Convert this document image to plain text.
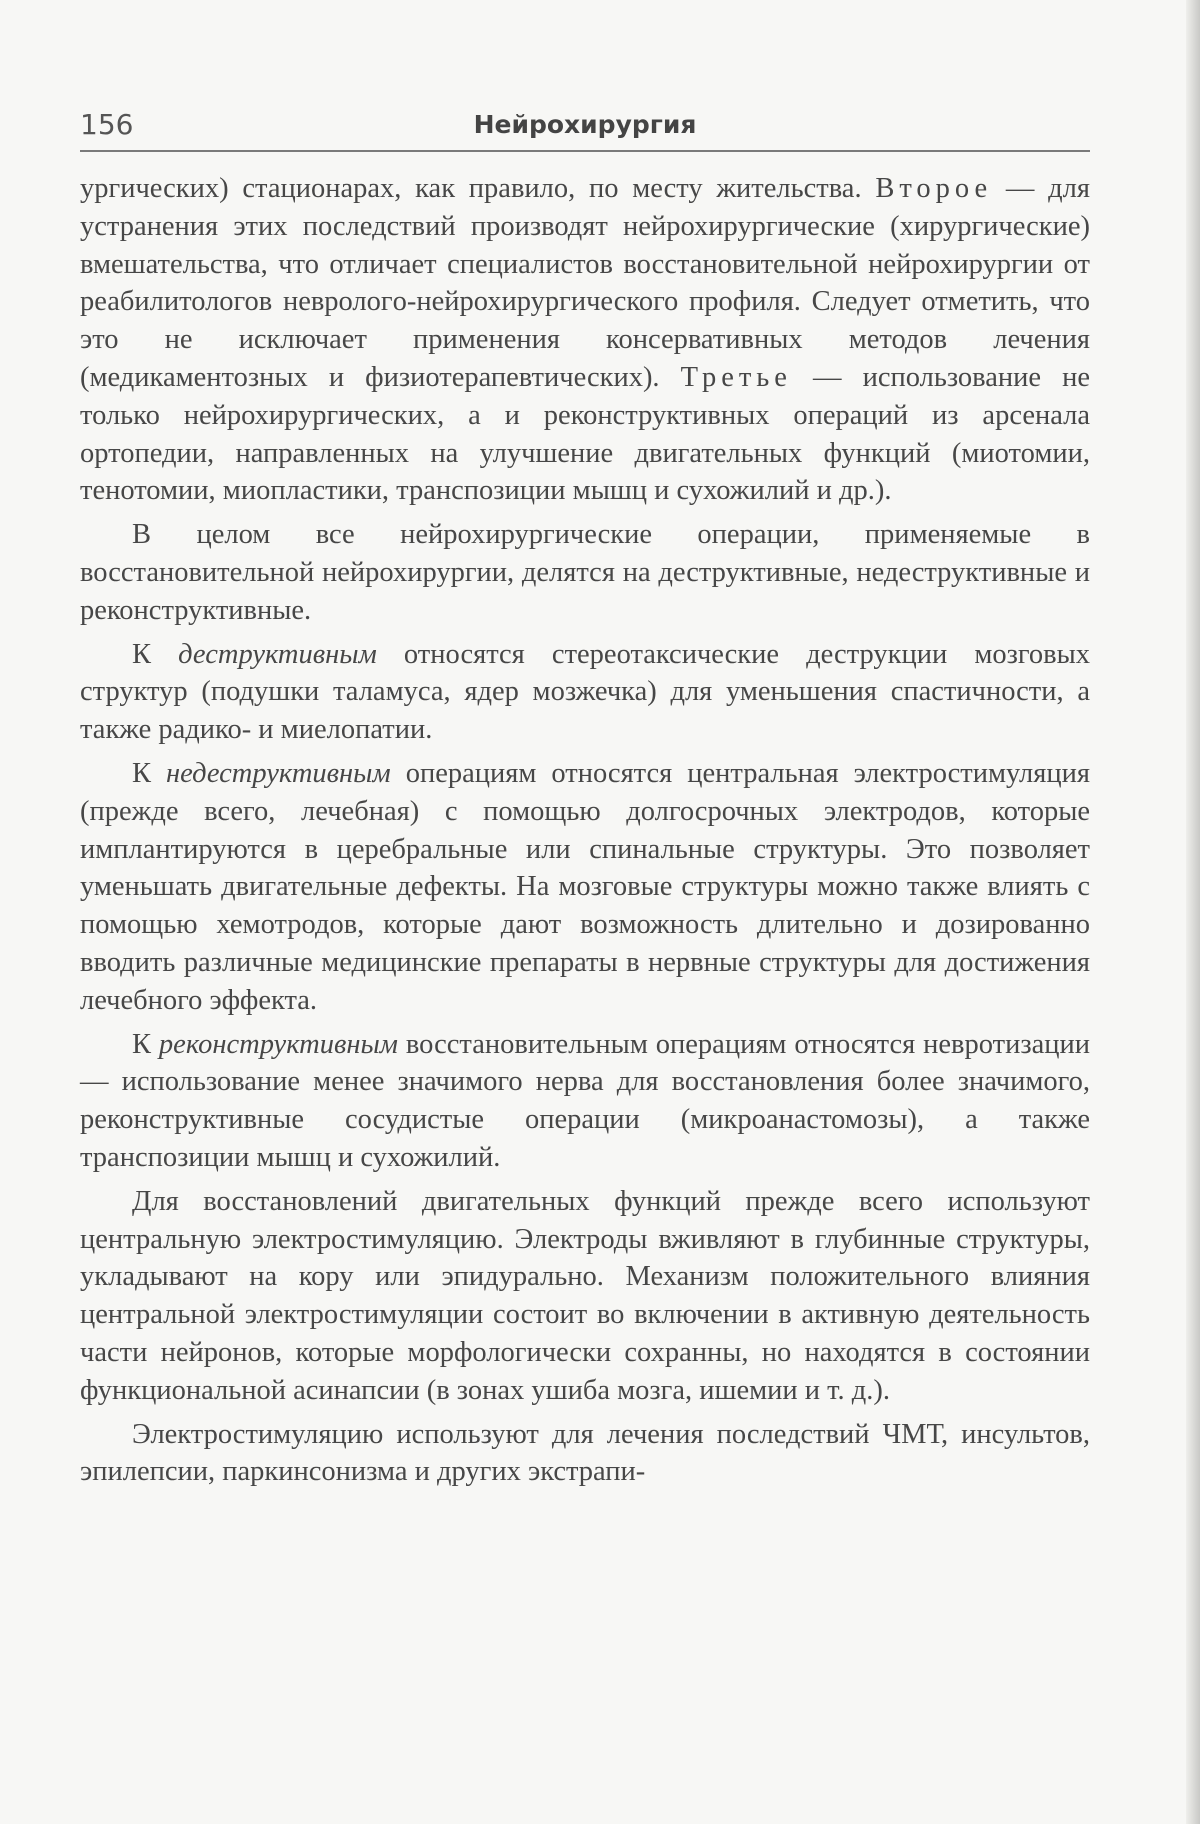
156	Нейрохирургия

ургических) стационарах, как правило, по месту жительства. Второе — для устранения этих последствий производят нейрохирургические (хирургические) вмешательства, что отличает специалистов восстановительной нейрохирургии от реабилитологов неврологo-нейрохирургического профиля. Следует отметить, что это не исключает применения консервативных методов лечения (медикаментозных и физиотерапевтических). Третье — использование не только нейрохирургических, а и реконструктивных операций из арсенала ортопедии, направленных на улучшение двигательных функций (миотомии, тенотомии, миопластики, транспозиции мышц и сухожилий и др.).

В целом все нейрохирургические операции, применяемые в восстановительной нейрохирургии, делятся на деструктивные, недеструктивные и реконструктивные.

К деструктивным относятся стереотаксические деструкции мозговых структур (подушки таламуса, ядер мозжечка) для уменьшения спастичности, а также радико- и миелопатии.

К недеструктивным операциям относятся центральная электростимуляция (прежде всего, лечебная) с помощью долгосрочных электродов, которые имплантируются в церебральные или спинальные структуры. Это позволяет уменьшать двигательные дефекты. На мозговые структуры можно также влиять с помощью хемотродов, которые дают возможность длительно и дозированно вводить различные медицинские препараты в нервные структуры для достижения лечебного эффекта.

К реконструктивным восстановительным операциям относятся невротизации — использование менее значимого нерва для восстановления более значимого, реконструктивные сосудистые операции (микроанастомозы), а также транспозиции мышц и сухожилий.

Для восстановлений двигательных функций прежде всего используют центральную электростимуляцию. Электроды вживляют в глубинные структуры, укладывают на кору или эпидурально. Механизм положительного влияния центральной электростимуляции состоит во включении в активную деятельность части нейронов, которые морфологически сохранны, но находятся в состоянии функциональной асинапсии (в зонах ушиба мозга, ишемии и т. д.).

Электростимуляцию используют для лечения последствий ЧМТ, инсультов, эпилепсии, паркинсонизма и других экстрапи-
